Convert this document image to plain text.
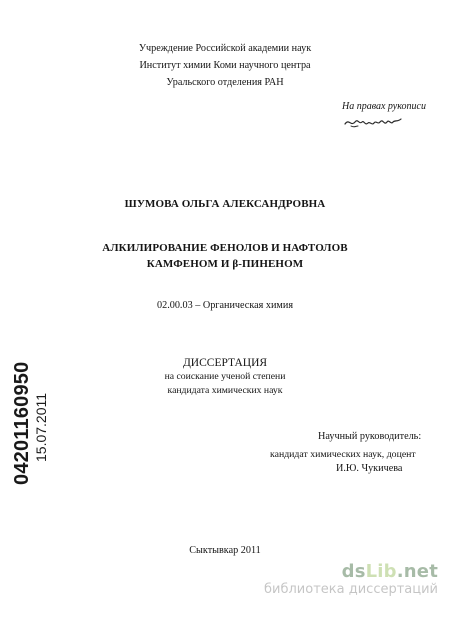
Учреждение Российской академии наук
Институт химии Коми научного центра
Уральского отделения РАН
На правах рукописи
ШУМОВА ОЛЬГА АЛЕКСАНДРОВНА
АЛКИЛИРОВАНИЕ ФЕНОЛОВ И НАФТОЛОВ
КАМФЕНОМ И β-ПИНЕНОМ
02.00.03 – Органическая химия
ДИССЕРТАЦИЯ
на соискание ученой степени
кандидата химических наук
Научный руководитель:
кандидат химических наук, доцент
И.Ю. Чукичева
Сыктывкар 2011
04201160950 15.07.2011
dsLib.net
библиотека диссертаций
